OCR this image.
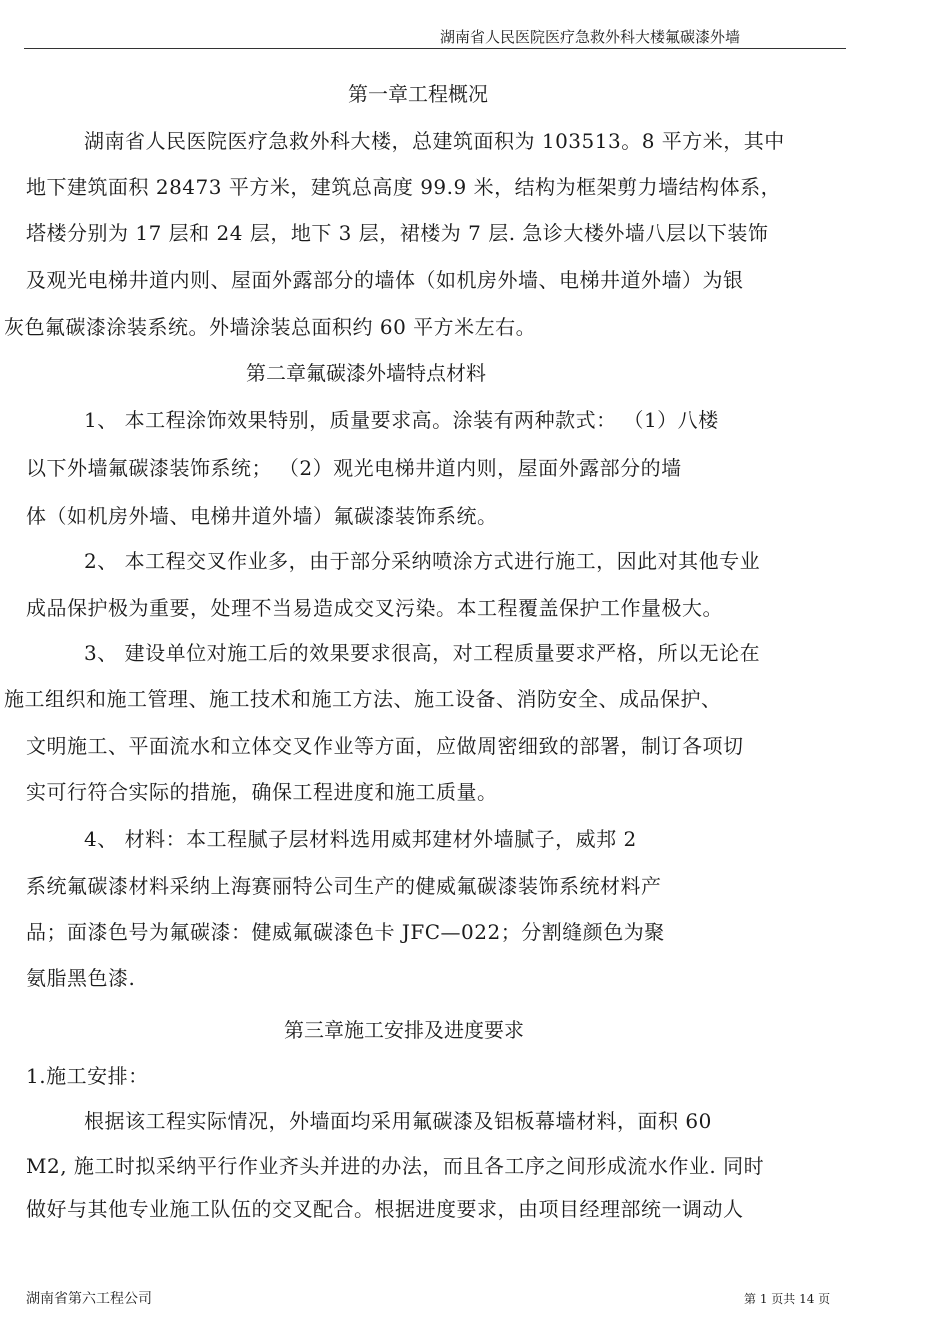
湖南省人民医院医疗急救外科大楼氟碳漆外墙
第一章工程概况
湖南省人民医院医疗急救外科大楼，总建筑面积为 103513。8 平方米，其中
地下建筑面积 28473 平方米，建筑总高度 99.9 米，结构为框架剪力墙结构体系，
塔楼分别为 17 层和 24 层，地下 3 层，裙楼为 7 层. 急诊大楼外墙八层以下装饰
及观光电梯井道内则、屋面外露部分的墙体（如机房外墙、电梯井道外墙）为银
灰色氟碳漆涂装系统。外墙涂装总面积约 60 平方米左右。
第二章氟碳漆外墙特点材料
1、 本工程涂饰效果特别，质量要求高。涂装有两种款式： （1）八楼
以下外墙氟碳漆装饰系统； （2）观光电梯井道内则，屋面外露部分的墙
体（如机房外墙、电梯井道外墙）氟碳漆装饰系统。
2、 本工程交叉作业多，由于部分采纳喷涂方式进行施工，因此对其他专业
成品保护极为重要，处理不当易造成交叉污染。本工程覆盖保护工作量极大。
3、 建设单位对施工后的效果要求很高，对工程质量要求严格，所以无论在
施工组织和施工管理、施工技术和施工方法、施工设备、消防安全、成品保护、
文明施工、平面流水和立体交叉作业等方面，应做周密细致的部署，制订各项切
实可行符合实际的措施，确保工程进度和施工质量。
4、 材料：本工程腻子层材料选用威邦建材外墙腻子，威邦 2
系统氟碳漆材料采纳上海赛丽特公司生产的健威氟碳漆装饰系统材料产
品；面漆色号为氟碳漆：健威氟碳漆色卡 JFC—022；分割缝颜色为聚
氨脂黑色漆.
第三章施工安排及进度要求
1.施工安排：
根据该工程实际情况，外墙面均采用氟碳漆及铝板幕墙材料，面积 60
M2, 施工时拟采纳平行作业齐头并进的办法，而且各工序之间形成流水作业. 同时
做好与其他专业施工队伍的交叉配合。根据进度要求，由项目经理部统一调动人
湖南省第六工程公司	第 1 页共 14 页
